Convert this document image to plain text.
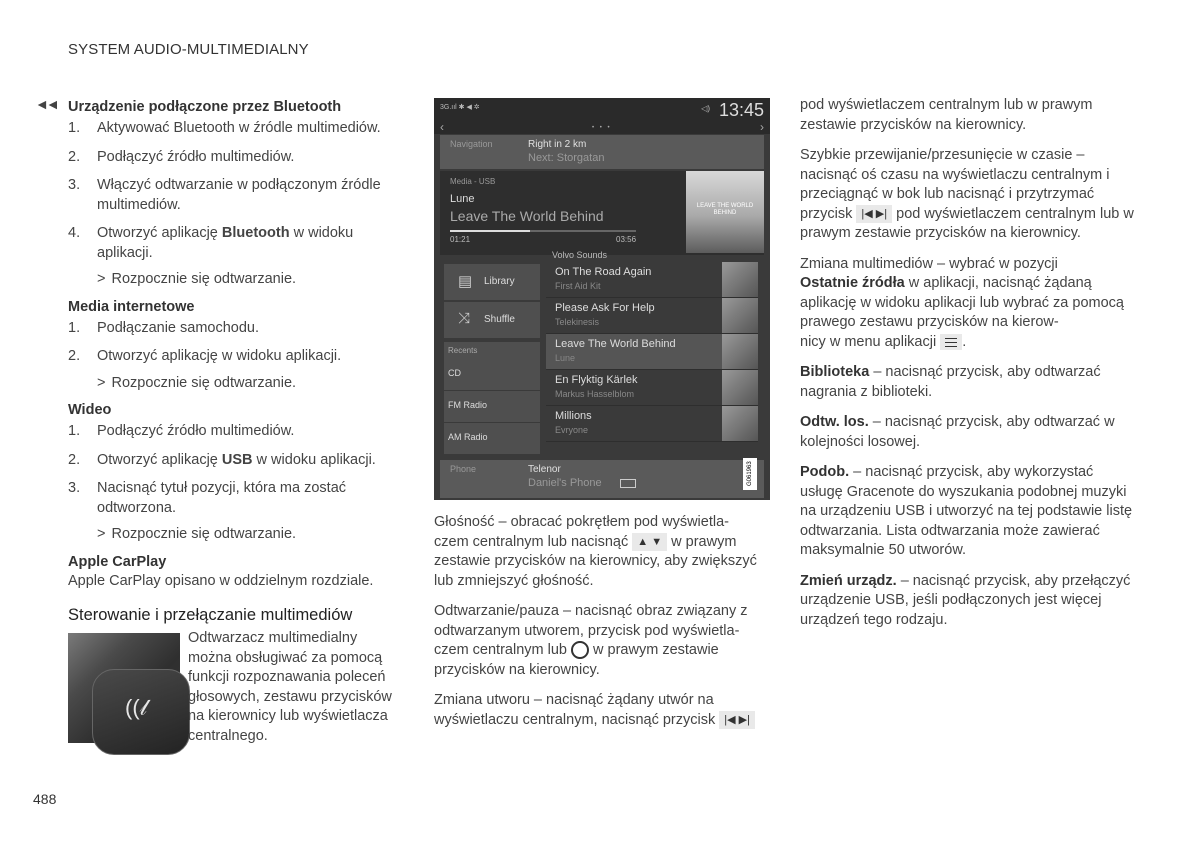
SYSTEM AUDIO-MULTIMEDIALNY
◄◄ Urządzenie podłączone przez Bluetooth
1. Aktywować Bluetooth w źródle multimediów.
2. Podłączyć źródło multimediów.
3. Włączyć odtwarzanie w podłączonym źródle multimediów.
4. Otworzyć aplikację Bluetooth w widoku aplikacji.
> Rozpocznie się odtwarzanie.
Media internetowe
1. Podłączanie samochodu.
2. Otworzyć aplikację w widoku aplikacji.
> Rozpocznie się odtwarzanie.
Wideo
1. Podłączyć źródło multimediów.
2. Otworzyć aplikację USB w widoku aplikacji.
3. Nacisnąć tytuł pozycji, która ma zostać odtworzona.
> Rozpocznie się odtwarzanie.
Apple CarPlay
Apple CarPlay opisano w oddzielnym rozdziale.
Sterowanie i przełączanie multimediów
((𝓁
Odtwarzacz multimedialny można obsługiwać za pomocą funkcji rozpoznawania poleceń głosowych, zestawu przycisków na kierownicy lub wyświetlacza centralnego.
3G.ııl ✱ ◀ ✲	◁) 13:45
‹	• • •	›
Navigation	Right in 2 km
Next: Storgatan
Media - USB
Lune
Leave The World Behind
01:21	03:56
LEAVE THE WORLD BEHIND
▤ Library
⤨ Shuffle
Recents
CD
FM Radio
AM Radio
Volvo Sounds
On The Road Again
First Aid Kit
Please Ask For Help
Telekinesis
Leave The World Behind
Lune
En Flyktig Kärlek
Markus Hasselblom
Millions
Evryone
Phone	Telenor
Daniel's Phone	G061963

Głośność – obracać pokrętłem pod wyświetla-
czem centralnym lub nacisnąć ▲ ▼ w prawym zestawie przycisków na kierownicy, aby zwiększyć lub zmniejszyć głośność.

Odtwarzanie/pauza – nacisnąć obraz związany z odtwarzanym utworem, przycisk pod wyświetla-
czem centralnym lub w prawym zestawie przycisków na kierownicy.

Zmiana utworu – nacisnąć żądany utwór na
wyświetlaczu centralnym, nacisnąć przycisk |◀ ▶|

pod wyświetlaczem centralnym lub w prawym zestawie przycisków na kierownicy.

Szybkie przewijanie/przesunięcie w czasie – nacisnąć oś czasu na wyświetlaczu centralnym i przeciągnąć w bok lub nacisnąć i przytrzymać przycisk |◀ ▶| pod wyświetlaczem centralnym lub w prawym zestawie przycisków na kierownicy.

Zmiana multimediów – wybrać w pozycji
Ostatnie źródła w aplikacji, nacisnąć żądaną aplikację w widoku aplikacji lub wybrać za pomocą prawego zestawu przycisków na kierow-
nicy w menu aplikacji .

Biblioteka – nacisnąć przycisk, aby odtwarzać nagrania z biblioteki.

Odtw. los. – nacisnąć przycisk, aby odtwarzać w kolejności losowej.

Podob. – nacisnąć przycisk, aby wykorzystać usługę Gracenote do wyszukania podobnej muzyki na urządzeniu USB i utworzyć na tej podstawie listę odtwarzania. Lista odtwarzania może zawierać maksymalnie 50 utworów.

Zmień urządz. – nacisnąć przycisk, aby przełączyć urządzenie USB, jeśli podłączonych jest więcej urządzeń tego rodzaju.

488
